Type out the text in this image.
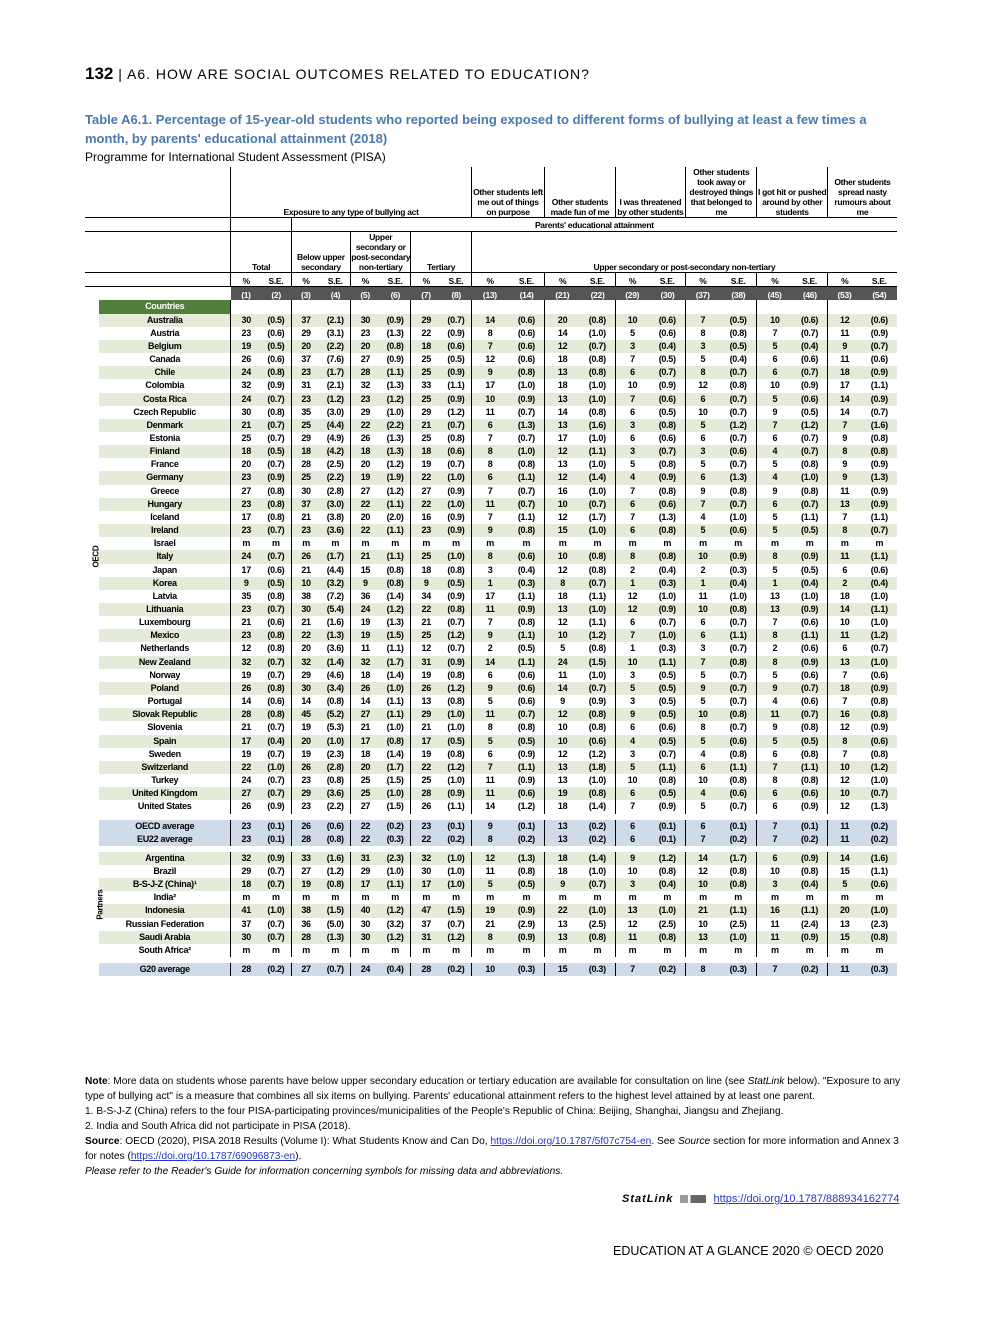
132 | A6. HOW ARE SOCIAL OUTCOMES RELATED TO EDUCATION?
Table A6.1. Percentage of 15-year-old students who reported being exposed to different forms of bullying at least a few times a month, by parents' educational attainment (2018)
Programme for International Student Assessment (PISA)
		Exposure to any type of bullying act								Other students left me out of things on purpose		Other students made fun of me		I was threatened by other students		Other students took away or destroyed things that belonged to me		I got hit or pushed around by other students		Other students spread nasty rumours about me	
				Parents' educational attainment																	
		Total		Below upper secondary		Upper secondary or post-secondary non-tertiary		Tertiary		Upper secondary or post-secondary non-tertiary											
		%	S.E.	%	S.E.	%	S.E.	%	S.E.	%	S.E.	%	S.E.	%	S.E.	%	S.E.	%	S.E.	%	S.E.
		(1)	(2)	(3)	(4)	(5)	(6)	(7)	(8)	(13)	(14)	(21)	(22)	(29)	(30)	(37)	(38)	(45)	(46)	(53)	(54)
OECD	Countries																				
	Australia	30	(0.5)	37	(2.1)	30	(0.9)	29	(0.7)	14	(0.6)	20	(0.8)	10	(0.6)	7	(0.5)	10	(0.6)	12	(0.6)
	Austria	23	(0.6)	29	(3.1)	23	(1.3)	22	(0.9)	8	(0.6)	14	(1.0)	5	(0.6)	8	(0.8)	7	(0.7)	11	(0.9)
	Belgium	19	(0.5)	20	(2.2)	20	(0.8)	18	(0.6)	7	(0.6)	12	(0.7)	3	(0.4)	3	(0.5)	5	(0.4)	9	(0.7)
	Canada	26	(0.6)	37	(7.6)	27	(0.9)	25	(0.5)	12	(0.6)	18	(0.8)	7	(0.5)	5	(0.4)	6	(0.6)	11	(0.6)
	Chile	24	(0.8)	23	(1.7)	28	(1.1)	25	(0.9)	9	(0.8)	13	(0.8)	6	(0.7)	8	(0.7)	6	(0.7)	18	(0.9)
	Colombia	32	(0.9)	31	(2.1)	32	(1.3)	33	(1.1)	17	(1.0)	18	(1.0)	10	(0.9)	12	(0.8)	10	(0.9)	17	(1.1)
	Costa Rica	24	(0.7)	23	(1.2)	23	(1.2)	25	(0.9)	10	(0.9)	13	(1.0)	7	(0.6)	6	(0.7)	5	(0.6)	14	(0.9)
	Czech Republic	30	(0.8)	35	(3.0)	29	(1.0)	29	(1.2)	11	(0.7)	14	(0.8)	6	(0.5)	10	(0.7)	9	(0.5)	14	(0.7)
	Denmark	21	(0.7)	25	(4.4)	22	(2.2)	21	(0.7)	6	(1.3)	13	(1.6)	3	(0.8)	5	(1.2)	7	(1.2)	7	(1.6)
	Estonia	25	(0.7)	29	(4.9)	26	(1.3)	25	(0.8)	7	(0.7)	17	(1.0)	6	(0.6)	6	(0.7)	6	(0.7)	9	(0.8)
	Finland	18	(0.5)	18	(4.2)	18	(1.3)	18	(0.6)	8	(1.0)	12	(1.1)	3	(0.7)	3	(0.6)	4	(0.7)	8	(0.8)
	France	20	(0.7)	28	(2.5)	20	(1.2)	19	(0.7)	8	(0.8)	13	(1.0)	5	(0.8)	5	(0.7)	5	(0.8)	9	(0.9)
	Germany	23	(0.9)	25	(2.2)	19	(1.9)	22	(1.0)	6	(1.1)	12	(1.4)	4	(0.9)	6	(1.3)	4	(1.0)	9	(1.3)
	Greece	27	(0.8)	30	(2.8)	27	(1.2)	27	(0.9)	7	(0.7)	16	(1.0)	7	(0.8)	9	(0.8)	9	(0.8)	11	(0.9)
	Hungary	23	(0.8)	37	(3.0)	22	(1.1)	22	(1.0)	11	(0.7)	10	(0.7)	6	(0.6)	7	(0.7)	6	(0.7)	13	(0.9)
	Iceland	17	(0.8)	21	(3.8)	20	(2.0)	16	(0.9)	7	(1.1)	12	(1.7)	7	(1.3)	4	(1.0)	5	(1.1)	7	(1.1)
	Ireland	23	(0.7)	23	(3.6)	22	(1.1)	23	(0.9)	9	(0.8)	15	(1.0)	6	(0.8)	5	(0.6)	5	(0.5)	8	(0.7)
	Israel	m	m	m	m	m	m	m	m	m	m	m	m	m	m	m	m	m	m	m	m
	Italy	24	(0.7)	26	(1.7)	21	(1.1)	25	(1.0)	8	(0.6)	10	(0.8)	8	(0.8)	10	(0.9)	8	(0.9)	11	(1.1)
	Japan	17	(0.6)	21	(4.4)	15	(0.8)	18	(0.8)	3	(0.4)	12	(0.8)	2	(0.4)	2	(0.3)	5	(0.5)	6	(0.6)
	Korea	9	(0.5)	10	(3.2)	9	(0.8)	9	(0.5)	1	(0.3)	8	(0.7)	1	(0.3)	1	(0.4)	1	(0.4)	2	(0.4)
	Latvia	35	(0.8)	38	(7.2)	36	(1.4)	34	(0.9)	17	(1.1)	18	(1.1)	12	(1.0)	11	(1.0)	13	(1.0)	18	(1.0)
	Lithuania	23	(0.7)	30	(5.4)	24	(1.2)	22	(0.8)	11	(0.9)	13	(1.0)	12	(0.9)	10	(0.8)	13	(0.9)	14	(1.1)
	Luxembourg	21	(0.6)	21	(1.6)	19	(1.3)	21	(0.7)	7	(0.8)	12	(1.1)	6	(0.7)	6	(0.7)	7	(0.6)	10	(1.0)
	Mexico	23	(0.8)	22	(1.3)	19	(1.5)	25	(1.2)	9	(1.1)	10	(1.2)	7	(1.0)	6	(1.1)	8	(1.1)	11	(1.2)
	Netherlands	12	(0.8)	20	(3.6)	11	(1.1)	12	(0.7)	2	(0.5)	5	(0.8)	1	(0.3)	3	(0.7)	2	(0.6)	6	(0.7)
	New Zealand	32	(0.7)	32	(1.4)	32	(1.7)	31	(0.9)	14	(1.1)	24	(1.5)	10	(1.1)	7	(0.8)	8	(0.9)	13	(1.0)
	Norway	19	(0.7)	29	(4.6)	18	(1.4)	19	(0.8)	6	(0.6)	11	(1.0)	3	(0.5)	5	(0.7)	5	(0.6)	7	(0.6)
	Poland	26	(0.8)	30	(3.4)	26	(1.0)	26	(1.2)	9	(0.6)	14	(0.7)	5	(0.5)	9	(0.7)	9	(0.7)	18	(0.9)
	Portugal	14	(0.6)	14	(0.8)	14	(1.1)	13	(0.8)	5	(0.6)	9	(0.9)	3	(0.5)	5	(0.7)	4	(0.6)	7	(0.8)
	Slovak Republic	28	(0.8)	45	(5.2)	27	(1.1)	29	(1.0)	11	(0.7)	12	(0.8)	9	(0.5)	10	(0.8)	11	(0.7)	16	(0.8)
	Slovenia	21	(0.7)	19	(5.3)	21	(1.0)	21	(1.0)	8	(0.8)	10	(0.8)	6	(0.6)	8	(0.7)	9	(0.8)	12	(0.9)
	Spain	17	(0.4)	20	(1.0)	17	(0.8)	17	(0.5)	5	(0.5)	10	(0.6)	4	(0.5)	5	(0.6)	5	(0.5)	8	(0.6)
	Sweden	19	(0.7)	19	(2.3)	18	(1.4)	19	(0.8)	6	(0.9)	12	(1.2)	3	(0.7)	4	(0.8)	6	(0.8)	7	(0.8)
	Switzerland	22	(1.0)	26	(2.8)	20	(1.7)	22	(1.2)	7	(1.1)	13	(1.8)	5	(1.1)	6	(1.1)	7	(1.1)	10	(1.2)
	Turkey	24	(0.7)	23	(0.8)	25	(1.5)	25	(1.0)	11	(0.9)	13	(1.0)	10	(0.8)	10	(0.8)	8	(0.8)	12	(1.0)
	United Kingdom	27	(0.7)	29	(3.6)	25	(1.0)	28	(0.9)	11	(0.6)	19	(0.8)	6	(0.5)	4	(0.6)	6	(0.6)	10	(0.7)
	United States	26	(0.9)	23	(2.2)	27	(1.5)	26	(1.1)	14	(1.2)	18	(1.4)	7	(0.9)	5	(0.7)	6	(0.9)	12	(1.3)

	OECD average	23	(0.1)	26	(0.6)	22	(0.2)	23	(0.1)	9	(0.1)	13	(0.2)	6	(0.1)	6	(0.1)	7	(0.1)	11	(0.2)
	EU22 average	23	(0.1)	28	(0.8)	22	(0.3)	22	(0.2)	8	(0.2)	13	(0.2)	6	(0.1)	7	(0.2)	7	(0.2)	11	(0.2)

Partners	Argentina	32	(0.9)	33	(1.6)	31	(2.3)	32	(1.0)	12	(1.3)	18	(1.4)	9	(1.2)	14	(1.7)	6	(0.9)	14	(1.6)
	Brazil	29	(0.7)	27	(1.2)	29	(1.0)	30	(1.0)	11	(0.8)	18	(1.0)	10	(0.8)	12	(0.8)	10	(0.8)	15	(1.1)
	B-S-J-Z (China)¹	18	(0.7)	19	(0.8)	17	(1.1)	17	(1.0)	5	(0.5)	9	(0.7)	3	(0.4)	10	(0.8)	3	(0.4)	5	(0.6)
	India²	m	m	m	m	m	m	m	m	m	m	m	m	m	m	m	m	m	m	m	m
	Indonesia	41	(1.0)	38	(1.5)	40	(1.2)	47	(1.5)	19	(0.9)	22	(1.0)	13	(1.0)	21	(1.1)	16	(1.1)	20	(1.0)
	Russian Federation	37	(0.7)	36	(5.0)	30	(3.2)	37	(0.7)	21	(2.9)	13	(2.5)	12	(2.5)	10	(2.5)	11	(2.4)	13	(2.3)
	Saudi Arabia	30	(0.7)	28	(1.3)	30	(1.2)	31	(1.2)	8	(0.9)	13	(0.8)	11	(0.8)	13	(1.0)	11	(0.9)	15	(0.8)
	South Africa²	m	m	m	m	m	m	m	m	m	m	m	m	m	m	m	m	m	m	m	m

	G20 average	28	(0.2)	27	(0.7)	24	(0.4)	28	(0.2)	10	(0.3)	15	(0.3)	7	(0.2)	8	(0.3)	7	(0.2)	11	(0.3)

Note: More data on students whose parents have below upper secondary education or tertiary education are available for consultation on line (see StatLink below). "Exposure to any type of bullying act" is a measure that combines all six items on bullying. Parents' educational attainment refers to the highest level attained by at least one parent.

1. B-S-J-Z (China) refers to the four PISA-participating provinces/municipalities of the People's Republic of China: Beijing, Shanghai, Jiangsu and Zhejiang.

2. India and South Africa did not participate in PISA (2018).

Source: OECD (2020), PISA 2018 Results (Volume I): What Students Know and Can Do, https://doi.org/10.1787/5f07c754-en. See Source section for more information and Annex 3 for notes (https://doi.org/10.1787/69096873-en).

Please refer to the Reader's Guide for information concerning symbols for missing data and abbreviations.

StatLink	https://doi.org/10.1787/888934162774
EDUCATION AT A GLANCE 2020 © OECD 2020
